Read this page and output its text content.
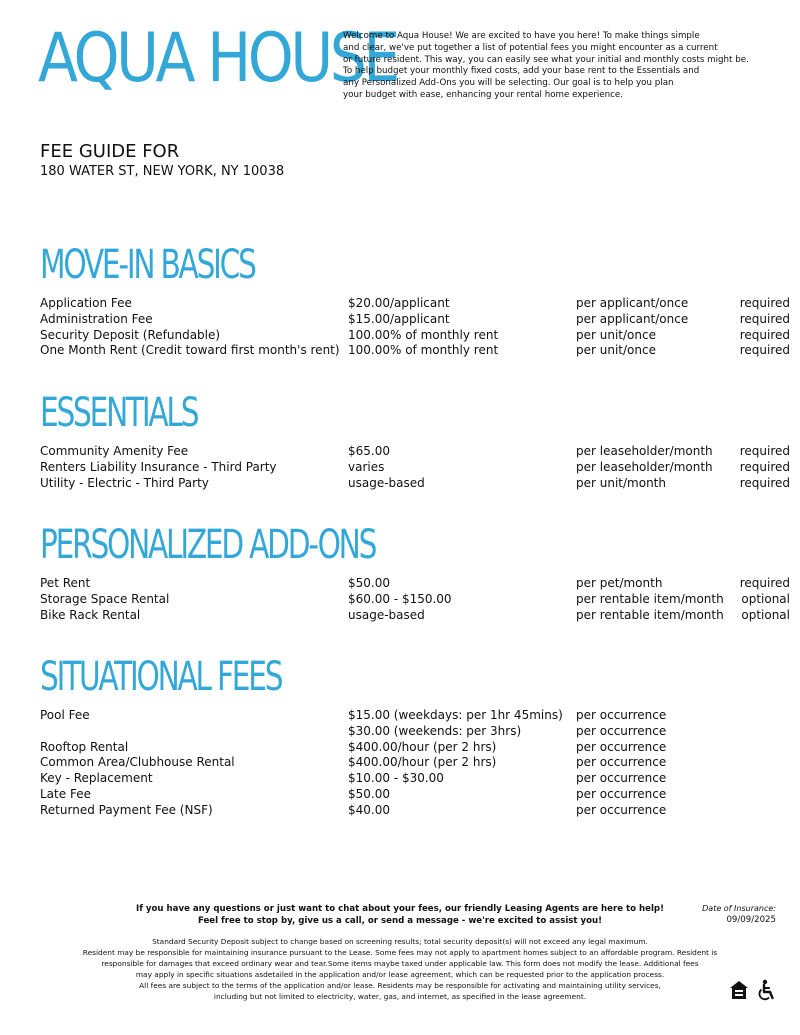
AQUA HOUSE
Welcome to Aqua House! We are excited to have you here! To make things simple
and clear, we've put together a list of potential fees you might encounter as a current
or future resident. This way, you can easily see what your initial and monthly costs might be.
To help budget your monthly fixed costs, add your base rent to the Essentials and
any Personalized Add-Ons you will be selecting. Our goal is to help you plan
your budget with ease, enhancing your rental home experience.
FEE GUIDE FOR
180 WATER ST, NEW YORK, NY 10038
MOVE-IN BASICS
Application Fee	$20.00/applicant	per applicant/once	required
Administration Fee	$15.00/applicant	per applicant/once	required
Security Deposit (Refundable)	100.00% of monthly rent	per unit/once	required
One Month Rent (Credit toward first month's rent) 100.00% of monthly rent	per unit/once	required
ESSENTIALS
Community Amenity Fee	$65.00	per leaseholder/month required
Renters Liability Insurance - Third Party	varies	per leaseholder/month required
Utility - Electric - Third Party	usage-based	per unit/month	required
PERSONALIZED ADD-ONS
Pet Rent	$50.00	per pet/month	required
Storage Space Rental	$60.00 - $150.00	per rentable item/month optional
Bike Rack Rental	usage-based	per rentable item/month optional
SITUATIONAL FEES
Pool Fee	$15.00 (weekdays: per 1hr 45mins) per occurrence
$30.00 (weekends: per 3hrs)	per occurrence
Rooftop Rental	$400.00/hour (per 2 hrs)	per occurrence
Common Area/Clubhouse Rental	$400.00/hour (per 2 hrs)	per occurrence
Key - Replacement	$10.00 - $30.00	per occurrence
Late Fee	$50.00	per occurrence
Returned Payment Fee (NSF)	$40.00	per occurrence
If you have any questions or just want to chat about your fees, our friendly Leasing Agents are here to help!
Feel free to stop by, give us a call, or send a message - we're excited to assist you!
Date of Insurance:
09/09/2025
Standard Security Deposit subject to change based on screening results; total security deposit(s) will not exceed any legal maximum.
Resident may be responsible for maintaining insurance pursuant to the Lease. Some fees may not apply to apartment homes subject to an affordable program. Resident is
responsible for damages that exceed ordinary wear and tear.Some items maybe taxed under applicable law. This form does not modify the lease. Additional fees
may apply in specific situations asdetailed in the application and/or lease agreement, which can be requested prior to the application process.
All fees are subject to the terms of the application and/or lease. Residents may be responsible for activating and maintaining utility services,
including but not limited to electricity, water, gas, and internet, as specified in the lease agreement.
